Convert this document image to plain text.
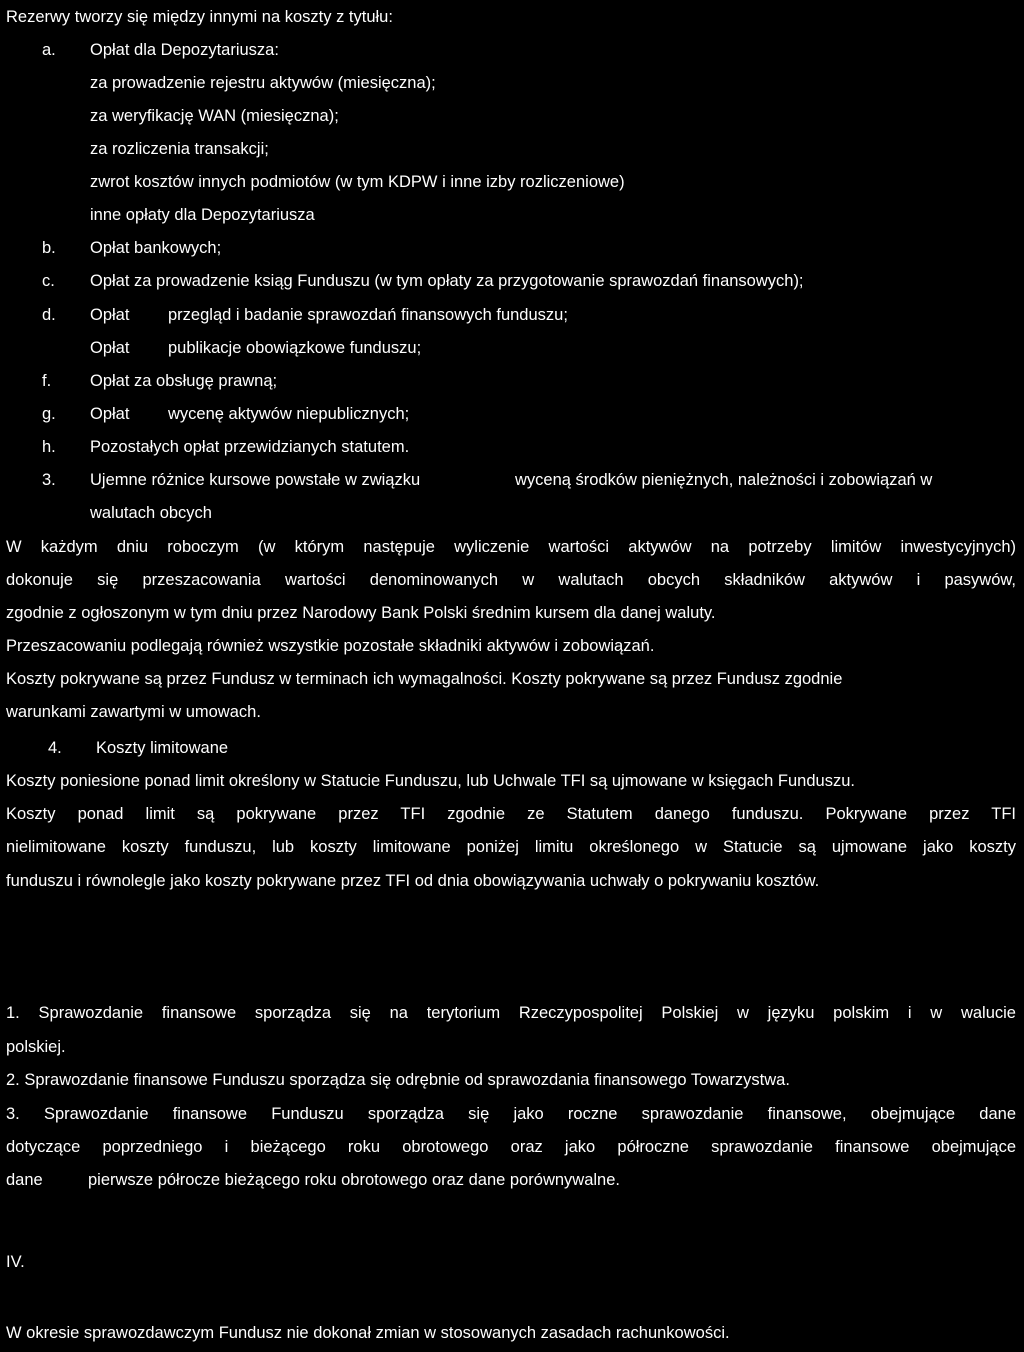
Rezerwy tworzy się między innymi na koszty z tytułu:
a. Opłat dla Depozytariusza:
za prowadzenie rejestru aktywów (miesięczna);
za weryfikację WAN (miesięczna);
za rozliczenia transakcji;
zwrot kosztów innych podmiotów (w tym KDPW i inne izby rozliczeniowe)
inne opłaty dla Depozytariusza
b. Opłat bankowych;
c. Opłat za prowadzenie ksiąg Funduszu (w tym opłaty za przygotowanie sprawozdań finansowych);
d. Opłat przegląd i badanie sprawozdań finansowych funduszu;
Opłat publikacje obowiązkowe funduszu;
f. Opłat za obsługę prawną;
g. Opłat wycenę aktywów niepublicznych;
h. Pozostałych opłat przewidzianych statutem.
3. Ujemne różnice kursowe powstałe w związku	wyceną środków pieniężnych, należności i zobowiązań w
walutach obcych
W każdym dniu roboczym (w którym następuje wyliczenie wartości aktywów na potrzeby limitów inwestycyjnych)
dokonuje się przeszacowania wartości denominowanych w walutach obcych składników aktywów i pasywów,
zgodnie z ogłoszonym w tym dniu przez Narodowy Bank Polski średnim kursem dla danej waluty.
Przeszacowaniu podlegają również wszystkie pozostałe składniki aktywów i zobowiązań.
Koszty pokrywane są przez Fundusz w terminach ich wymagalności. Koszty pokrywane są przez Fundusz zgodnie
warunkami zawartymi w umowach.
4. Koszty limitowane
Koszty poniesione ponad limit określony w Statucie Funduszu, lub Uchwale TFI są ujmowane w księgach Funduszu.
Koszty ponad limit są pokrywane przez TFI zgodnie ze Statutem danego funduszu. Pokrywane przez TFI
nielimitowane koszty funduszu, lub koszty limitowane poniżej limitu określonego w Statucie są ujmowane jako koszty
funduszu i równolegle jako koszty pokrywane przez TFI od dnia obowiązywania uchwały o pokrywaniu kosztów.
1. Sprawozdanie finansowe sporządza się na terytorium Rzeczypospolitej Polskiej w języku polskim i w walucie
polskiej.
2. Sprawozdanie finansowe Funduszu sporządza się odrębnie od sprawozdania finansowego Towarzystwa.
3. Sprawozdanie finansowe Funduszu sporządza się jako roczne sprawozdanie finansowe, obejmujące dane
dotyczące poprzedniego i bieżącego roku obrotowego oraz jako półroczne sprawozdanie finansowe obejmujące
dane	pierwsze półrocze bieżącego roku obrotowego oraz dane porównywalne.
IV.
W okresie sprawozdawczym Fundusz nie dokonał zmian w stosowanych zasadach rachunkowości.
